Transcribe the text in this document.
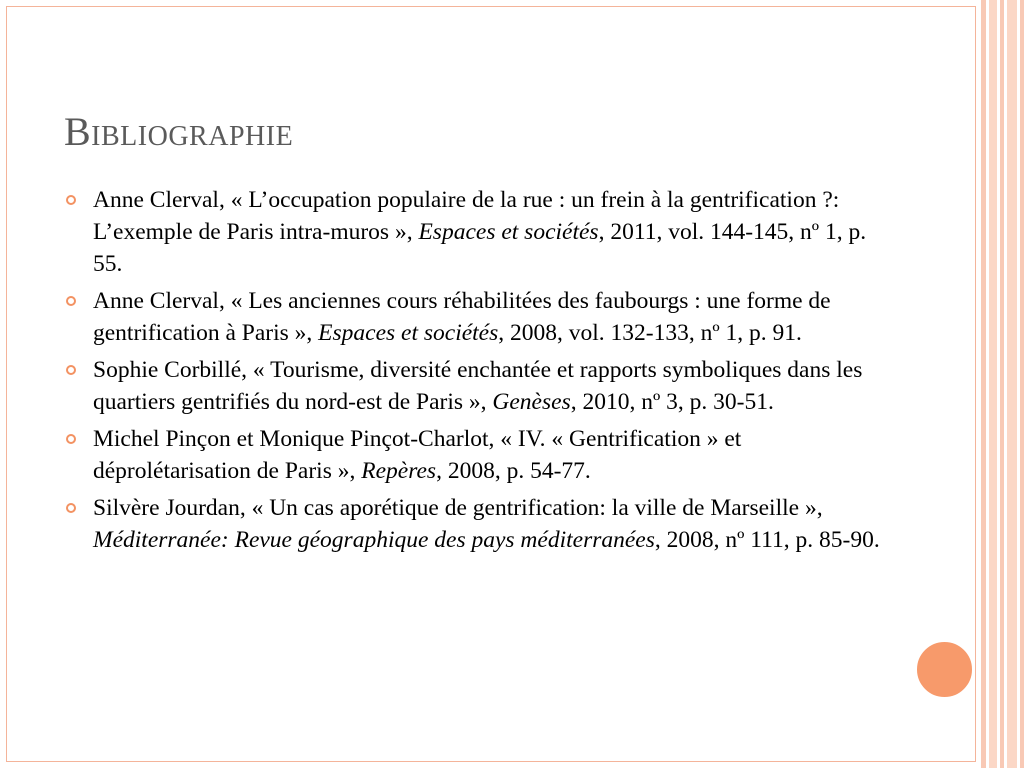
Bibliographie
Anne Clerval, « L’occupation populaire de la rue : un frein à la gentrification ?: L’exemple de Paris intra-muros », Espaces et sociétés, 2011, vol. 144-145, nº 1, p. 55.
Anne Clerval, « Les anciennes cours réhabilitées des faubourgs : une forme de gentrification à Paris », Espaces et sociétés, 2008, vol. 132-133, nº 1, p. 91.
Sophie Corbillé, « Tourisme, diversité enchantée et rapports symboliques dans les quartiers gentrifiés du nord-est de Paris », Genèses, 2010, nº 3, p. 30-51.
Michel Pinçon et Monique Pinçot-Charlot, « IV. « Gentrification » et déprolétarisation de Paris », Repères, 2008, p. 54-77.
Silvère Jourdan, « Un cas aporétique de gentrification: la ville de Marseille », Méditerranée: Revue géographique des pays méditerranées, 2008, nº 111, p. 85-90.
